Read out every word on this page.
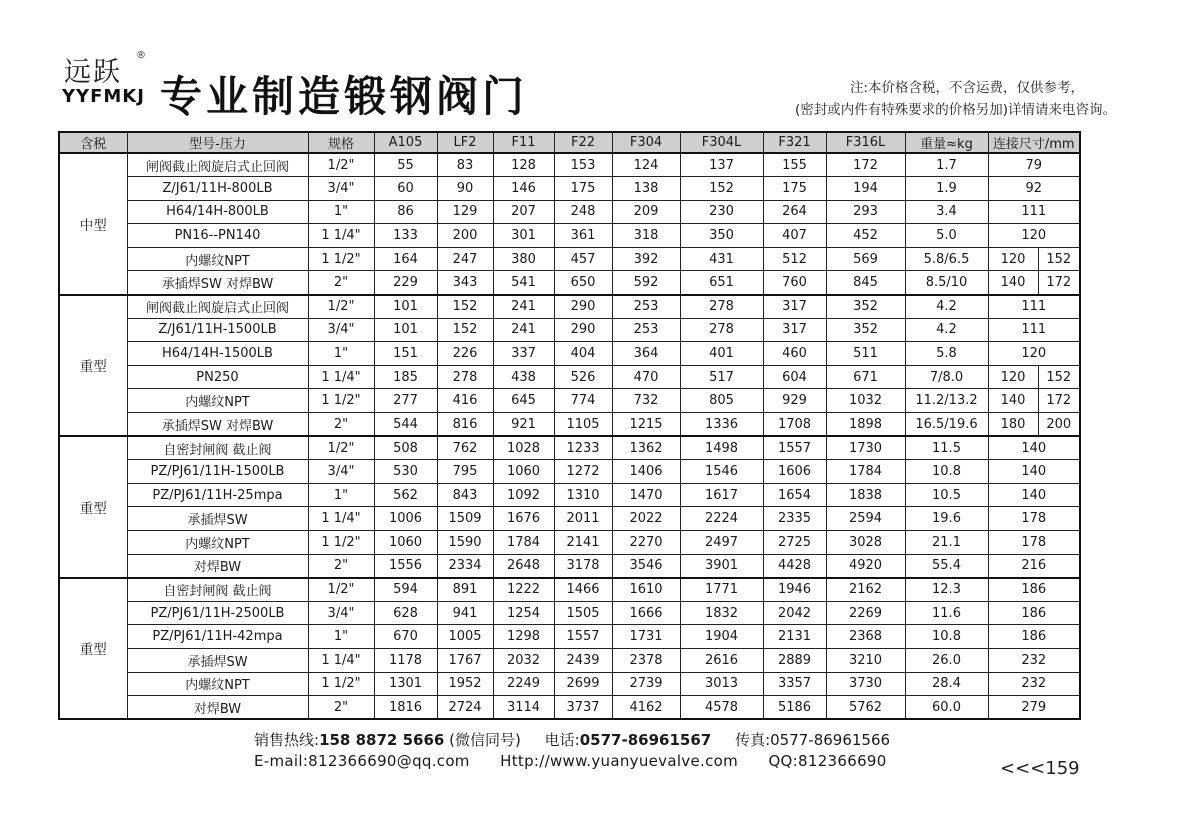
远跃
®
YYFMKJ 专业制造锻钢阀门	注:本价格含税，不含运费，仅供参考，
(密封或内件有特殊要求的价格另加)详情请来电咨询。
含税	型号-压力	规格	A105	LF2	F11	F22	F304	F304L	F321	F316L	重量≈kg	连接尺寸/mm	
中型	闸阀截止阀旋启式止回阀	1/2"	55	83	128	153	124	137	155	172	1.7	79	
	Z/J61/11H-800LB	3/4"	60	90	146	175	138	152	175	194	1.9	92	
	H64/14H-800LB	1"	86	129	207	248	209	230	264	293	3.4	111	
	PN16--PN140	1 1/4"	133	200	301	361	318	350	407	452	5.0	120	
	内螺纹NPT	1 1/2"	164	247	380	457	392	431	512	569	5.8/6.5	120	152
	承插焊SW 对焊BW	2"	229	343	541	650	592	651	760	845	8.5/10	140	172
重型	闸阀截止阀旋启式止回阀	1/2"	101	152	241	290	253	278	317	352	4.2	111	
	Z/J61/11H-1500LB	3/4"	101	152	241	290	253	278	317	352	4.2	111	
	H64/14H-1500LB	1"	151	226	337	404	364	401	460	511	5.8	120	
	PN250	1 1/4"	185	278	438	526	470	517	604	671	7/8.0	120	152
	内螺纹NPT	1 1/2"	277	416	645	774	732	805	929	1032	11.2/13.2	140	172
	承插焊SW 对焊BW	2"	544	816	921	1105	1215	1336	1708	1898	16.5/19.6	180	200
重型	自密封闸阀 截止阀	1/2"	508	762	1028	1233	1362	1498	1557	1730	11.5	140	
	PZ/PJ61/11H-1500LB	3/4"	530	795	1060	1272	1406	1546	1606	1784	10.8	140	
	PZ/PJ61/11H-25mpa	1"	562	843	1092	1310	1470	1617	1654	1838	10.5	140	
	承插焊SW	1 1/4"	1006	1509	1676	2011	2022	2224	2335	2594	19.6	178	
	内螺纹NPT	1 1/2"	1060	1590	1784	2141	2270	2497	2725	3028	21.1	178	
	对焊BW	2"	1556	2334	2648	3178	3546	3901	4428	4920	55.4	216	
重型	自密封闸阀 截止阀	1/2"	594	891	1222	1466	1610	1771	1946	2162	12.3	186	
	PZ/PJ61/11H-2500LB	3/4"	628	941	1254	1505	1666	1832	2042	2269	11.6	186	
	PZ/PJ61/11H-42mpa	1"	670	1005	1298	1557	1731	1904	2131	2368	10.8	186	
	承插焊SW	1 1/4"	1178	1767	2032	2439	2378	2616	2889	3210	26.0	232	
	内螺纹NPT	1 1/2"	1301	1952	2249	2699	2739	3013	3357	3730	28.4	232	
	对焊BW	2"	1816	2724	3114	3737	4162	4578	5186	5762	60.0	279	
销售热线:158 8872 5666 (微信同号) 电话:0577-86961567 传真:0577-86961566
E-mail:812366690@qq.com Http://www.yuanyuevalve.com QQ:812366690	<<<159
